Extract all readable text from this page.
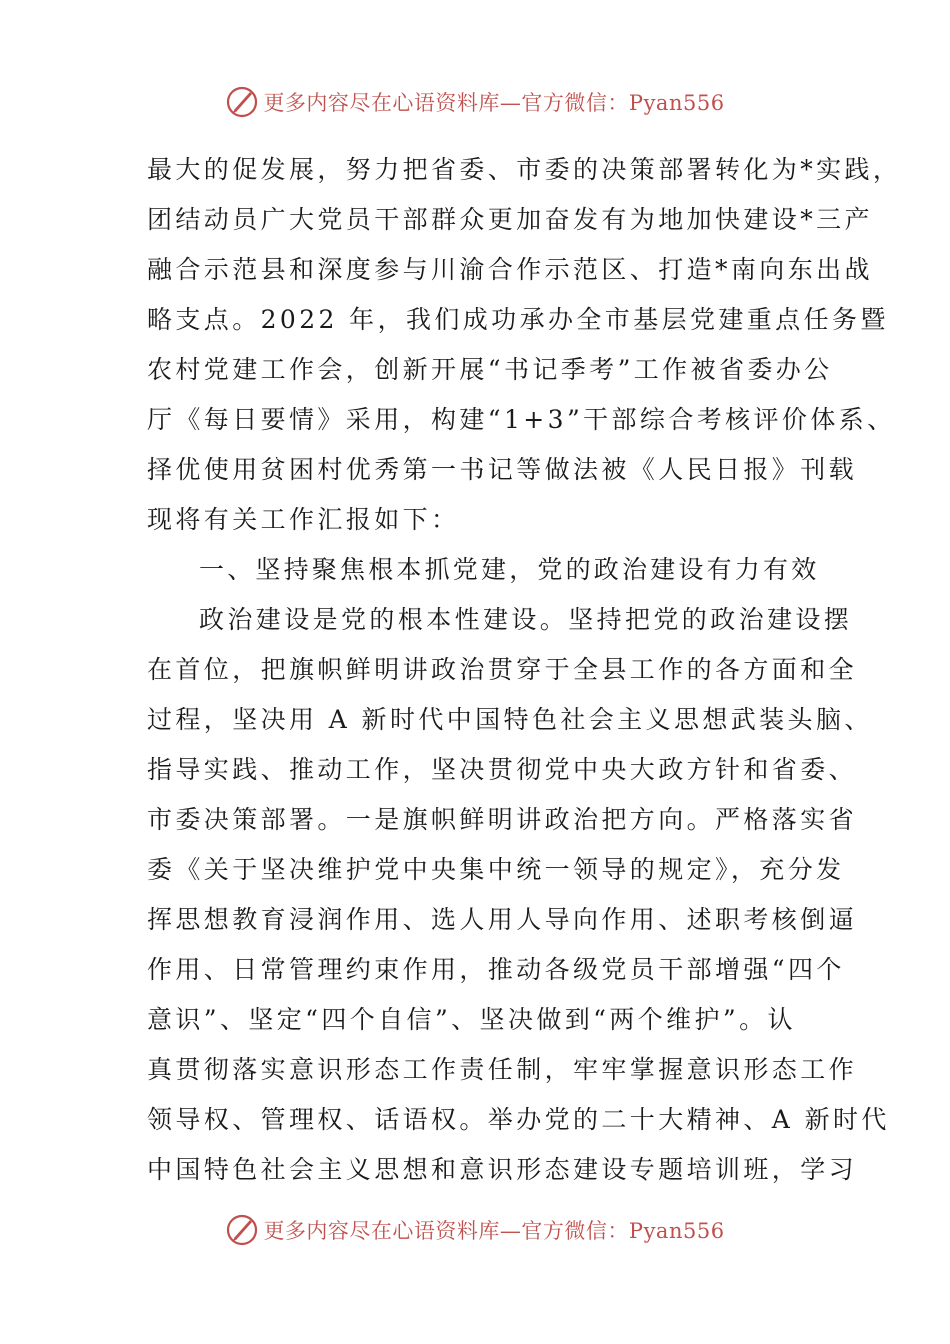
更多内容尽在心语资料库—官方微信：Pyan556
最大的促发展，努力把省委、市委的决策部署转化为*实践，
团结动员广大党员干部群众更加奋发有为地加快建设*三产
融合示范县和深度参与川渝合作示范区、打造*南向东出战
略支点。2022 年，我们成功承办全市基层党建重点任务暨
农村党建工作会，创新开展“书记季考”工作被省委办公
厅《每日要情》采用，构建“1+3”干部综合考核评价体系、
择优使用贫困村优秀第一书记等做法被《人民日报》刊载
现将有关工作汇报如下：
一、坚持聚焦根本抓党建，党的政治建设有力有效
政治建设是党的根本性建设。坚持把党的政治建设摆
在首位，把旗帜鲜明讲政治贯穿于全县工作的各方面和全
过程，坚决用 A 新时代中国特色社会主义思想武装头脑、
指导实践、推动工作，坚决贯彻党中央大政方针和省委、
市委决策部署。一是旗帜鲜明讲政治把方向。严格落实省
委《关于坚决维护党中央集中统一领导的规定》，充分发
挥思想教育浸润作用、选人用人导向作用、述职考核倒逼
作用、日常管理约束作用，推动各级党员干部增强“四个
意识”、坚定“四个自信”、坚决做到“两个维护”。认
真贯彻落实意识形态工作责任制，牢牢掌握意识形态工作
领导权、管理权、话语权。举办党的二十大精神、A 新时代
中国特色社会主义思想和意识形态建设专题培训班，学习
更多内容尽在心语资料库—官方微信：Pyan556
